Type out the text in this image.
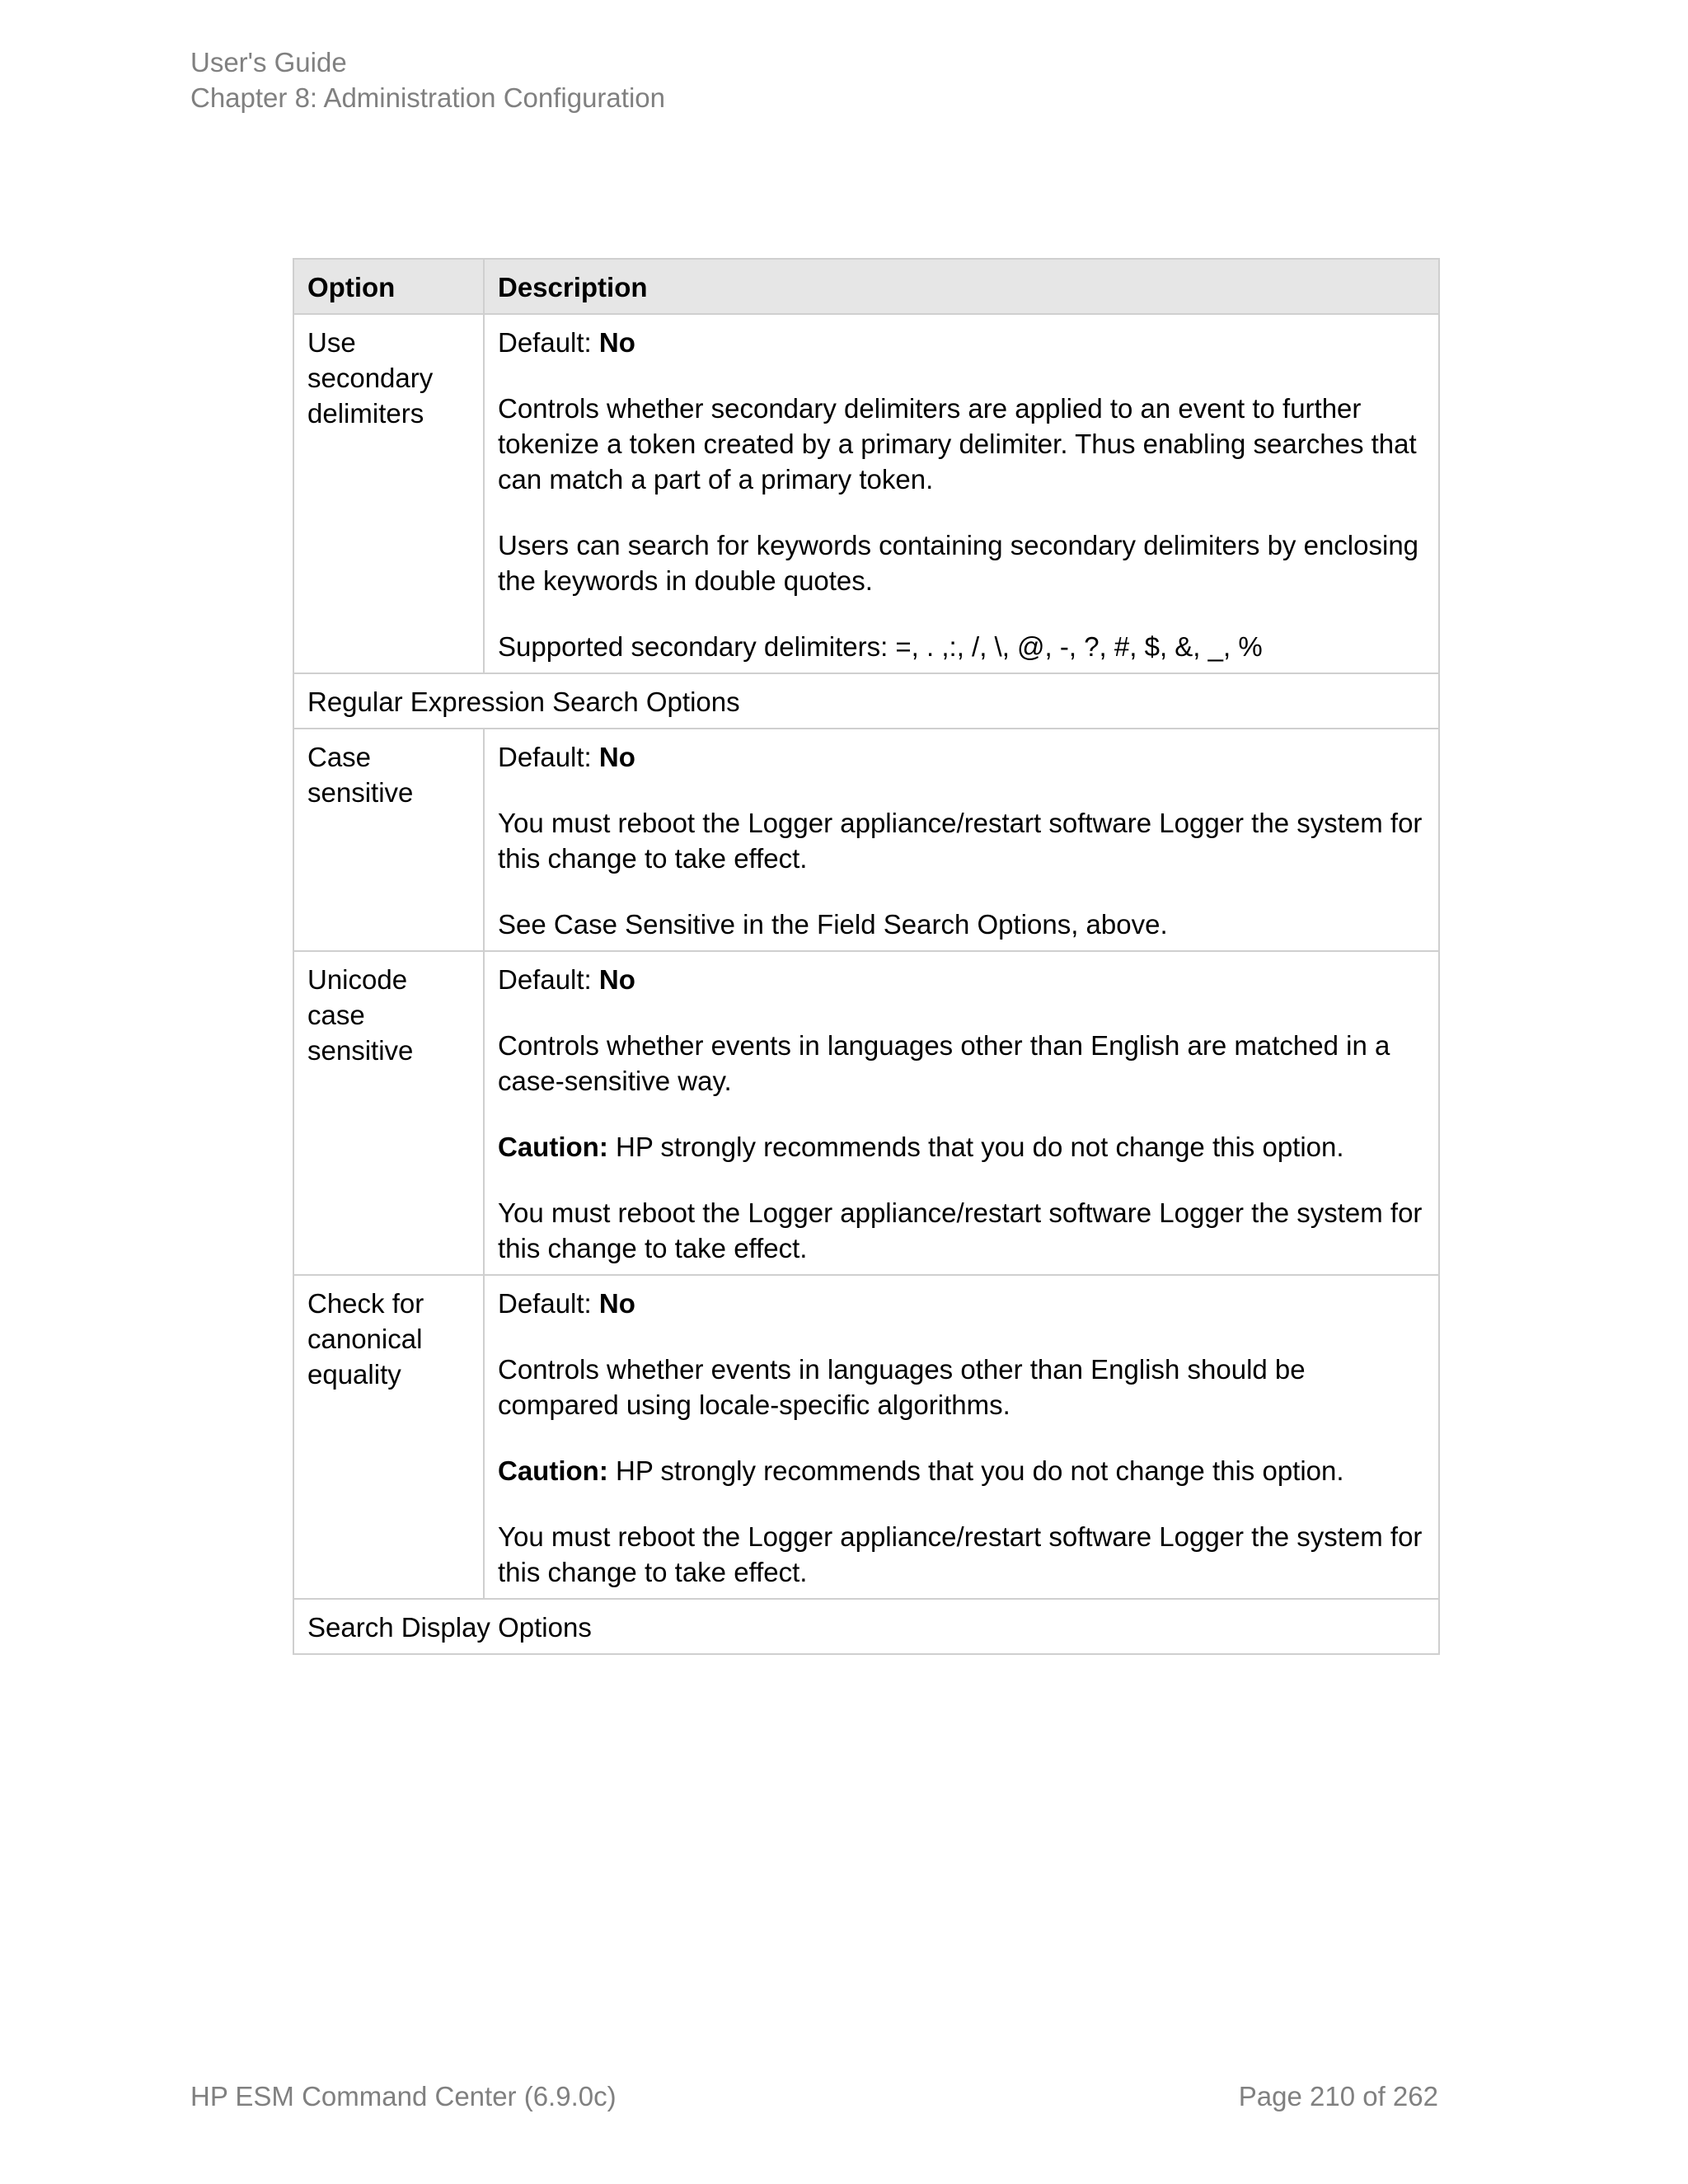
User's Guide
Chapter 8: Administration Configuration
Option	Description
Use secondary delimiters	Default: No

Controls whether secondary delimiters are applied to an event to further tokenize a token created by a primary delimiter. Thus enabling searches that can match a part of a primary token.

Users can search for keywords containing secondary delimiters by enclosing the keywords in double quotes.

Supported secondary delimiters: =, . ,:, /, \, @, -, ?, #, $, &, _, %

Regular Expression Search Options	
Case sensitive	Default: No

You must reboot the Logger appliance/restart software Logger the system for this change to take effect.

See Case Sensitive in the Field Search Options, above.

Unicode case sensitive	Default: No

Controls whether events in languages other than English are matched in a case-sensitive way.

Caution: HP strongly recommends that you do not change this option.

You must reboot the Logger appliance/restart software Logger the system for this change to take effect.

Check for canonical equality	Default: No

Controls whether events in languages other than English should be compared using locale-specific algorithms.

Caution: HP strongly recommends that you do not change this option.

You must reboot the Logger appliance/restart software Logger the system for this change to take effect.

Search Display Options	
HP ESM Command Center (6.9.0c)	Page 210 of 262
